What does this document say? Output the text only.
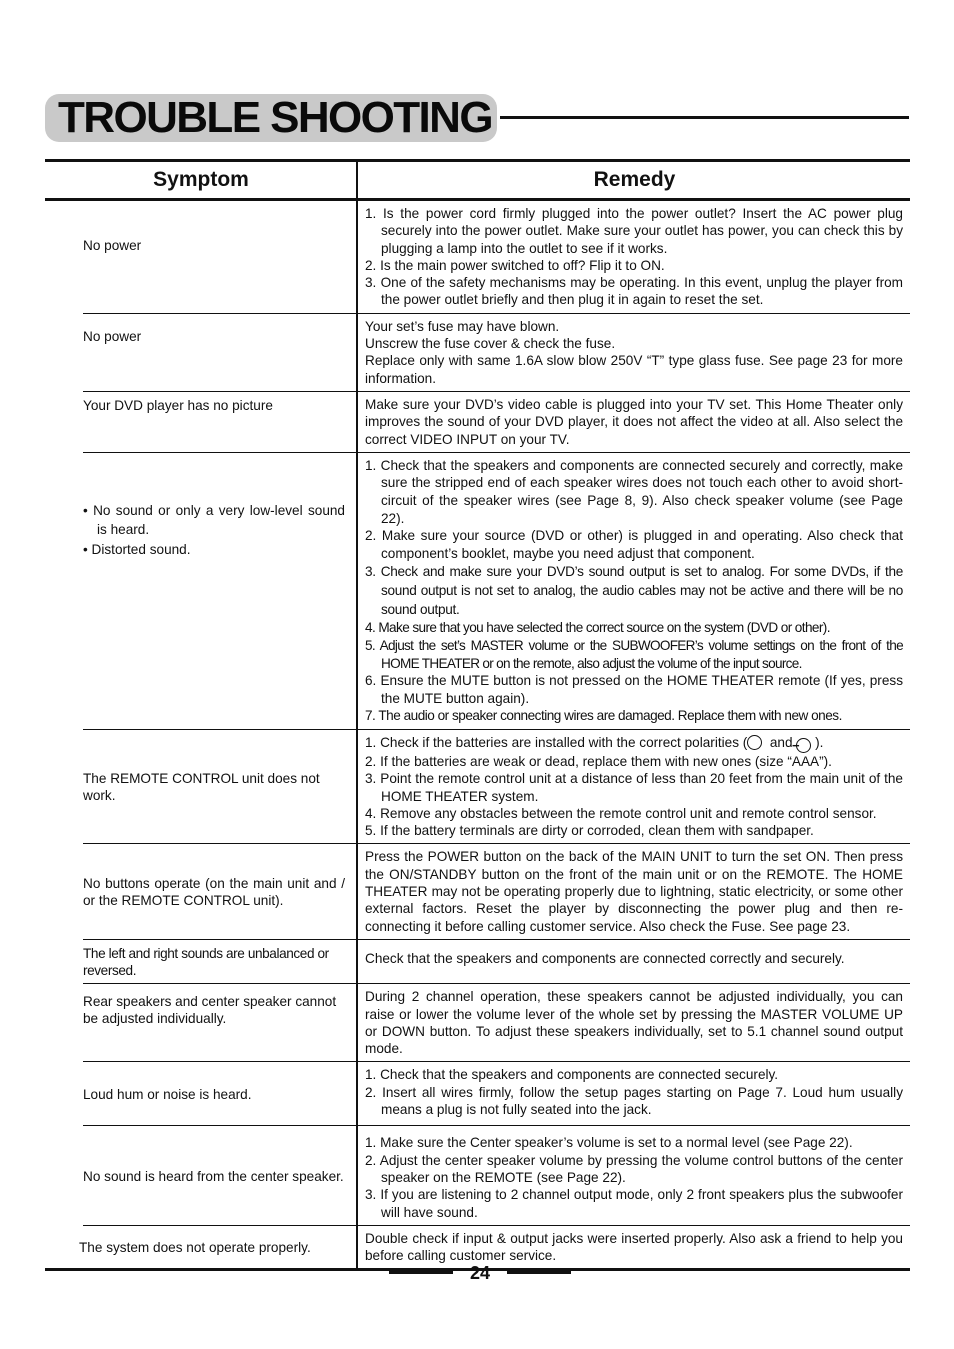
TROUBLE SHOOTING
Symptom	Remedy
No power
1. Is the power cord firmly plugged into the power outlet? Insert the AC power plug securely into the power outlet. Make sure your outlet has power, you can check this by plugging a lamp into the outlet to see if it works.
2. Is the main power switched to off? Flip it to ON.
3. One of the safety mechanisms may be operating. In this event, unplug the player from the power outlet briefly and then plug it in again to reset the set.
No power
Your set’s fuse may have blown.
Unscrew the fuse cover & check the fuse.
Replace only with same 1.6A slow blow 250V “T” type glass fuse. See page 23 for more information.
Your DVD player has no picture	Make sure your DVD’s video cable is plugged into your TV set. This Home Theater only improves the sound of your DVD player, it does not affect the video at all. Also select the correct VIDEO INPUT on your TV.
• No sound or only a very low-level sound is heard.
• Distorted sound.
1. Check that the speakers and components are connected securely and correctly, make sure the stripped end of each speaker wires does not touch each other to avoid short-circuit of the speaker wires (see Page 8, 9). Also check speaker volume (see Page 22).
2. Make sure your source (DVD or other) is plugged in and operating. Also check that component’s booklet, maybe you need adjust that component.
3. Check and make sure your DVD’s sound output is set to analog. For some DVDs, if the sound output is not set to analog, the audio cables may not be active and there will be no sound output.
4. Make sure that you have selected the correct source on the system (DVD or other).
5. Adjust the set’s MASTER volume or the SUBWOOFER’s volume settings on the front of the HOME THEATER or on the remote, also adjust the volume of the input source.
6. Ensure the MUTE button is not pressed on the HOME THEATER remote (If yes, press the MUTE button again).
7. The audio or speaker connecting wires are damaged. Replace them with new ones.
The REMOTE CONTROL unit does not work.
1. Check if the batteries are installed with the correct polarities ( and − ).
2. If the batteries are weak or dead, replace them with new ones (size “AAA”).
3. Point the remote control unit at a distance of less than 20 feet from the main unit of the HOME THEATER system.
4. Remove any obstacles between the remote control unit and remote control sensor.
5. If the battery terminals are dirty or corroded, clean them with sandpaper.
No buttons operate (on the main unit and / or the REMOTE CONTROL unit).
Press the POWER button on the back of the MAIN UNIT to turn the set ON. Then press the ON/STANDBY button on the front of the main unit or on the REMOTE. The HOME THEATER may not be operating properly due to lightning, static electricity, or some other external factors. Reset the player by disconnecting the power plug and then re-connecting it before calling customer service. Also check the Fuse. See page 23.
The left and right sounds are unbalanced or reversed.
Check that the speakers and components are connected correctly and securely.
Rear speakers and center speaker cannot be adjusted individually.
During 2 channel operation, these speakers cannot be adjusted individually, you can raise or lower the volume lever of the whole set by pressing the MASTER VOLUME UP or DOWN button. To adjust these speakers individually, set to 5.1 channel sound output mode.
Loud hum or noise is heard.
1. Check that the speakers and components are connected securely.
2. Insert all wires firmly, follow the setup pages starting on Page 7. Loud hum usually means a plug is not fully seated into the jack.
No sound is heard from the center speaker.
1. Make sure the Center speaker’s volume is set to a normal level (see Page 22).
2. Adjust the center speaker volume by pressing the volume control buttons of the center speaker on the REMOTE (see Page 22).
3. If you are listening to 2 channel output mode, only 2 front speakers plus the subwoofer will have sound.
The system does not operate properly.
Double check if input & output jacks were inserted properly. Also ask a friend to help you before calling customer service.
24
